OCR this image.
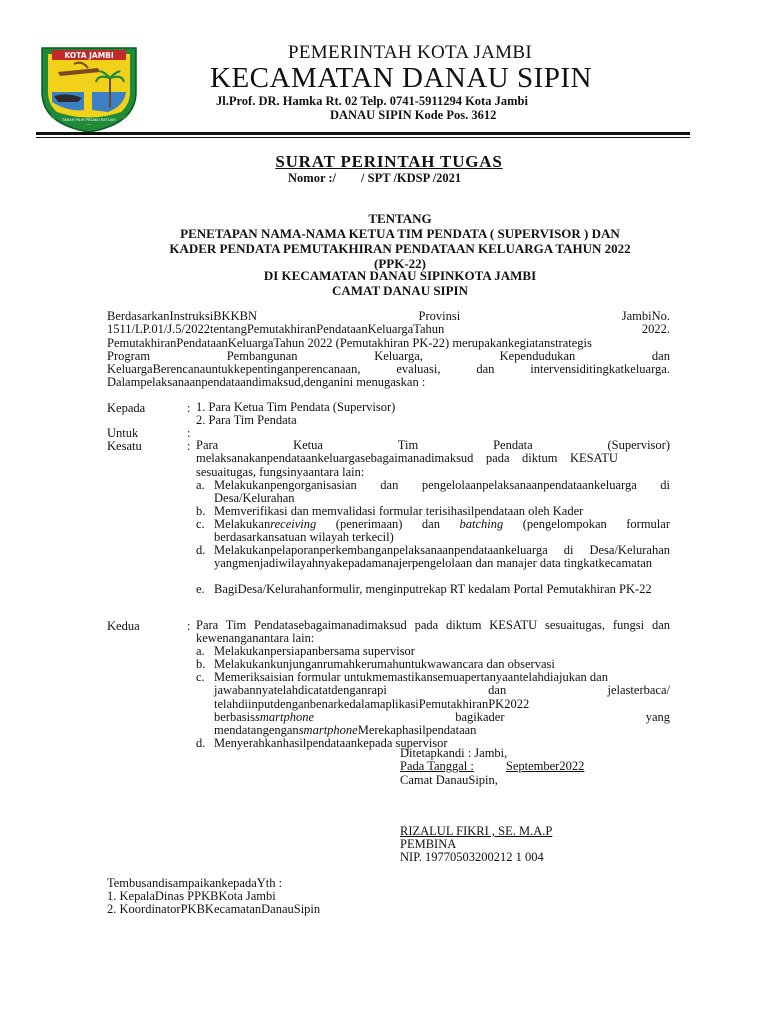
KOTA JAMBI
TANAH PILIH PESAKO BETUAH
PEMERINTAH KOTA JAMBI
KECAMATAN DANAU SIPIN
Jl.Prof. DR. Hamka Rt. 02 Telp. 0741-5911294 Kota Jambi
DANAU SIPIN Kode Pos. 3612
SURAT PERINTAH TUGAS
Nomor :/        / SPT /KDSP /2021
TENTANG
PENETAPAN NAMA-NAMA KETUA TIM PENDATA ( SUPERVISOR ) DAN
KADER PENDATA PEMUTAKHIRAN PENDATAAN KELUARGA TAHUN 2022
(PPK-22)
DI KECAMATAN DANAU SIPINKOTA JAMBI
CAMAT DANAU SIPIN
BerdasarkanInstruksiBKKBN	Provinsi	JambiNo.
1511/LP.01/J.5/2022tentangPemutakhiranPendataanKeluargaTahun	2022.
PemutakhiranPendataanKeluargaTahun 2022 (Pemutakhiran PK-22) merupakankegiatanstrategis
Program	Pembangunan	Keluarga,	Kependudukan	dan
KeluargaBerencanauntukkepentinganperencanaan,	evaluasi,	dan	intervensiditingkatkeluarga.
Dalampelaksanaanpendataandimaksud,denganini menugaskan :
Kepada	: 1. Para Ketua Tim Pendata (Supervisor)
2. Para Tim Pendata
Untuk	:
Kesatu	: Para	Ketua	Tim	Pendata	(Supervisor)
melaksanakanpendataankeluargasebagaimanadimaksud    pada    diktum    KESATU
sesuaitugas, fungsinyaantara lain:
a. Melakukanpengorganisasian dan pengelolaanpelaksanaanpendataankeluarga di Desa/Kelurahan
b. Memverifikasi dan memvalidasi formular terisihasilpendataan oleh Kader
c. Melakukanreceiving (penerimaan) dan batching (pengelompokan formular berdasarkansatuan wilayah terkecil)
d. Melakukanpelaporanperkembanganpelaksanaanpendataankeluarga di Desa/Kelurahan yangmenjadiwilayahnyakepadamanajerpengelolaan dan manajer data tingkatkecamatan
e. BagiDesa/Kelurahanformulir, menginputrekap RT kedalam Portal Pemutakhiran PK-22
Kedua	: Para Tim Pendatasebagaimanadimaksud pada diktum KESATU sesuaitugas, fungsi dan kewenanganantara lain:
a. Melakukanpersiapanbersama supervisor
b. Melakukankunjunganrumahkerumahuntukwawancara dan observasi
c. Memeriksaisian formular untukmemastikansemuapertanyaantelahdiajukan dan
jawabannyatelahdicatatdenganrapi	dan	jelasterbaca/
telahdiinputdenganbenarkedalamaplikasiPemutakhiranPK2022
berbasissmartphone	bagikader	yang
mendatangengansmartphoneMerekaphasilpendataan
d. Menyerahkanhasilpendataankepada supervisor
Ditetapkandi : Jambi,
Pada Tanggal :	September2022
Camat DanauSipin,
RIZALUL FIKRI , SE. M.A.P
PEMBINA
NIP. 19770503200212 1 004
TembusandisampaikankepadaYth :
1. KepalaDinas PPKBKota Jambi
2. KoordinatorPKBKecamatanDanauSipin
